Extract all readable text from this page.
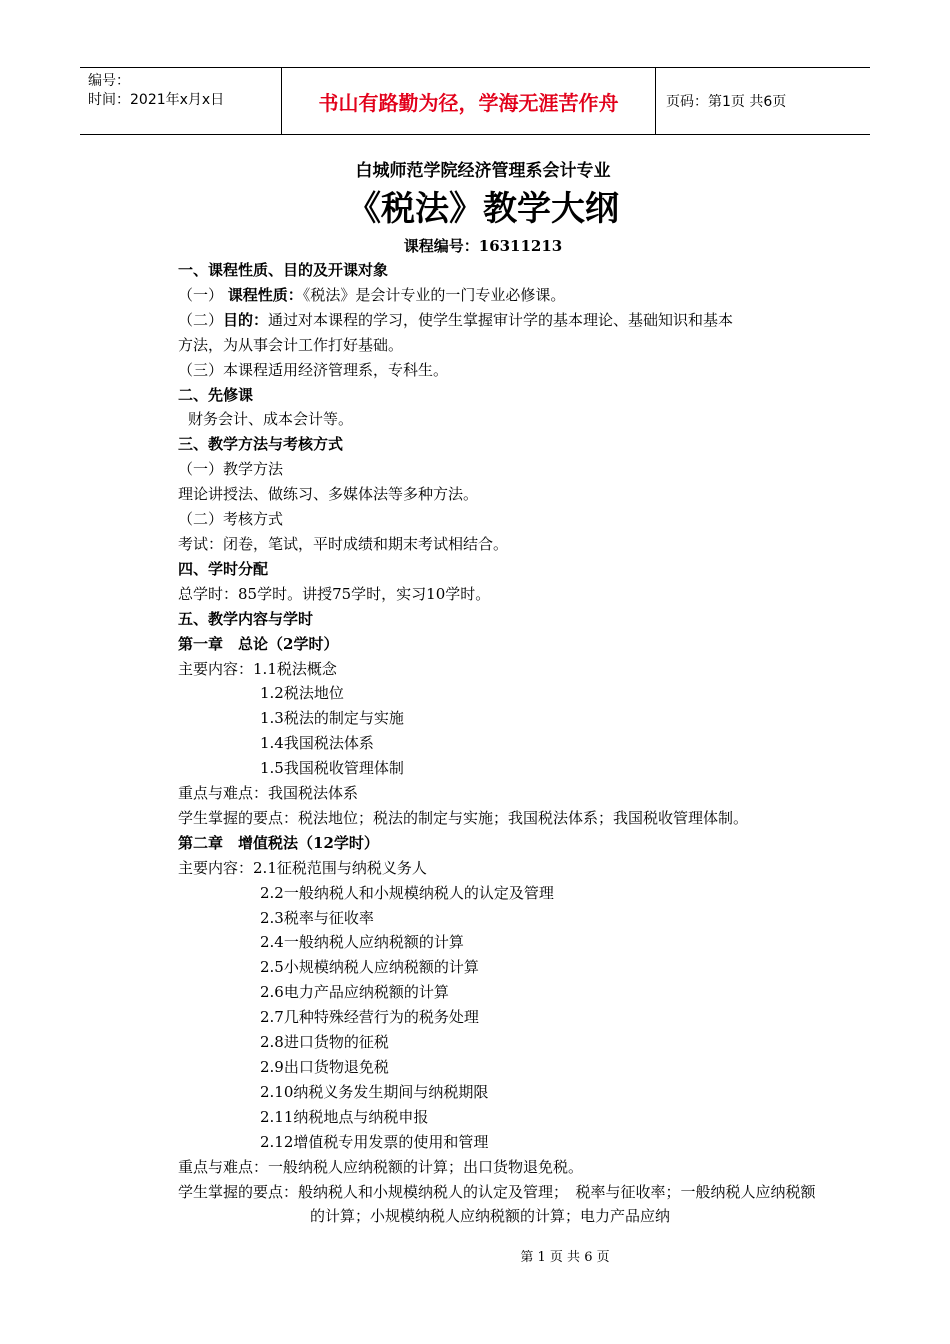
编号：
时间：2021年x月x日	书山有路勤为径，学海无涯苦作舟	页码：第1页 共6页
白城师范学院经济管理系会计专业
《税法》教学大纲
课程编号：16311213
一、课程性质、目的及开课对象
（一） 课程性质：《税法》是会计专业的一门专业必修课。
（二）目的：通过对本课程的学习，使学生掌握审计学的基本理论、基础知识和基本
方法，为从事会计工作打好基础。
（三）本课程适用经济管理系，专科生。
二、先修课
财务会计、成本会计等。
三、教学方法与考核方式
（一）教学方法
理论讲授法、做练习、多媒体法等多种方法。
（二）考核方式
考试：闭卷，笔试，平时成绩和期末考试相结合。
四、学时分配
总学时：85学时。讲授75学时，实习10学时。
五、教学内容与学时
第一章　总论（2学时）
主要内容：1.1税法概念
1.2税法地位
1.3税法的制定与实施
1.4我国税法体系
1.5我国税收管理体制
重点与难点：我国税法体系
学生掌握的要点：税法地位；税法的制定与实施；我国税法体系；我国税收管理体制。
第二章　增值税法（12学时）
主要内容：2.1征税范围与纳税义务人
2.2一般纳税人和小规模纳税人的认定及管理
2.3税率与征收率
2.4一般纳税人应纳税额的计算
2.5小规模纳税人应纳税额的计算
2.6电力产品应纳税额的计算
2.7几种特殊经营行为的税务处理
2.8进口货物的征税
2.9出口货物退免税
2.10纳税义务发生期间与纳税期限
2.11纳税地点与纳税申报
2.12增值税专用发票的使用和管理
重点与难点：一般纳税人应纳税额的计算；出口货物退免税。
学生掌握的要点：般纳税人和小规模纳税人的认定及管理；　税率与征收率；一般纳税人应纳税额的计算；小规模纳税人应纳税额的计算；电力产品应纳
第 1 页 共 6 页
